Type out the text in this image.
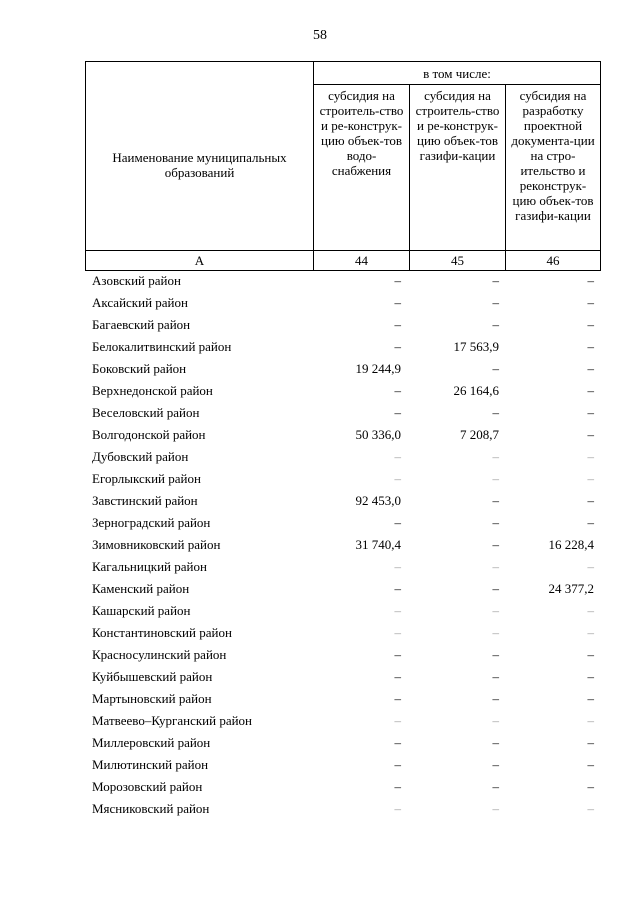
58
Наименование муниципальных образований	в том числе:		

	субсидия на строитель-ство и ре-конструк-цию объек-тов водо-снабжения	субсидия на строитель-ство и ре-конструк-цию объек-тов газифи-кации	субсидия на разработку проектной документа-ции на стро-ительство и реконструк-цию объек-тов газифи-кации

А	44	45	46
Азовский район	–	–	–
Аксайский район	–	–	–
Багаевский район	–	–	–
Белокалитвинский район	–	17 563,9	–
Боковский район	19 244,9	–	–
Верхнедонской район	–	26 164,6	–
Веселовский район	–	–	–
Волгодонской район	50 336,0	7 208,7	–
Дубовский район	–	–	–
Егорлыкский район	–	–	–
Завстинский район	92 453,0	–	–
Зерноградский район	–	–	–
Зимовниковский район	31 740,4	–	16 228,4
Кагальницкий район	–	–	–
Каменский район	–	–	24 377,2
Кашарский район	–	–	–
Константиновский район	–	–	–
Красносулинский район	–	–	–
Куйбышевский район	–	–	–
Мартыновский район	–	–	–
Матвеево–Курганский район	–	–	–
Миллеровский район	–	–	–
Милютинский район	–	–	–
Морозовский район	–	–	–
Мясниковский район	–	–	–
